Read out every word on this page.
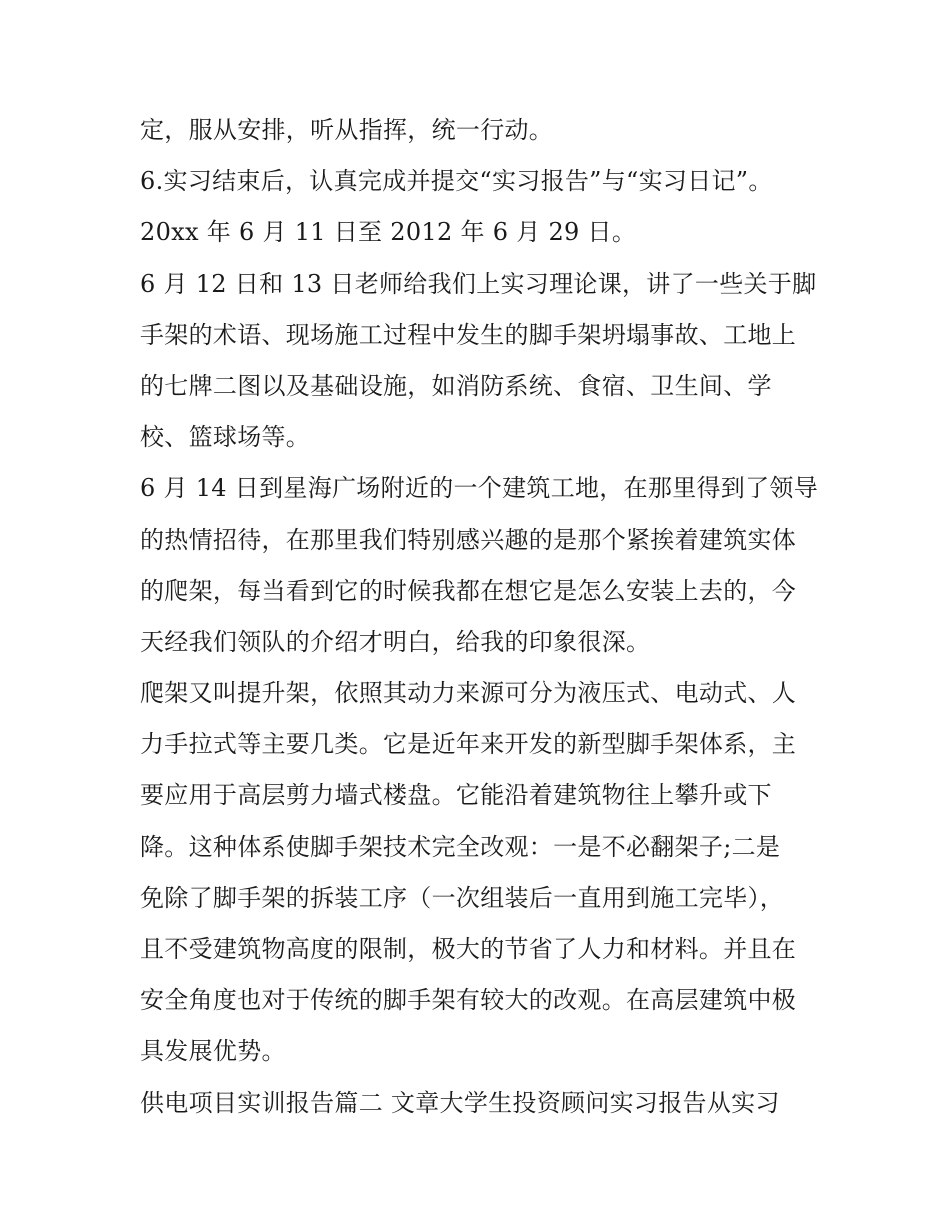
定，服从安排，听从指挥，统一行动。
6.实习结束后，认真完成并提交“实习报告”与“实习日记”。
20xx 年 6 月 11 日至 2012 年 6 月 29 日。
6 月 12 日和 13 日老师给我们上实习理论课，讲了一些关于脚
手架的术语、现场施工过程中发生的脚手架坍塌事故、工地上
的七牌二图以及基础设施，如消防系统、食宿、卫生间、学
校、篮球场等。
6 月 14 日到星海广场附近的一个建筑工地，在那里得到了领导
的热情招待，在那里我们特别感兴趣的是那个紧挨着建筑实体
的爬架，每当看到它的时候我都在想它是怎么安装上去的，今
天经我们领队的介绍才明白，给我的印象很深。
爬架又叫提升架，依照其动力来源可分为液压式、电动式、人
力手拉式等主要几类。它是近年来开发的新型脚手架体系，主
要应用于高层剪力墙式楼盘。它能沿着建筑物往上攀升或下
降。这种体系使脚手架技术完全改观：一是不必翻架子;二是
免除了脚手架的拆装工序（一次组装后一直用到施工完毕），
且不受建筑物高度的限制，极大的节省了人力和材料。并且在
安全角度也对于传统的脚手架有较大的改观。在高层建筑中极
具发展优势。
供电项目实训报告篇二 文章大学生投资顾问实习报告从实习
